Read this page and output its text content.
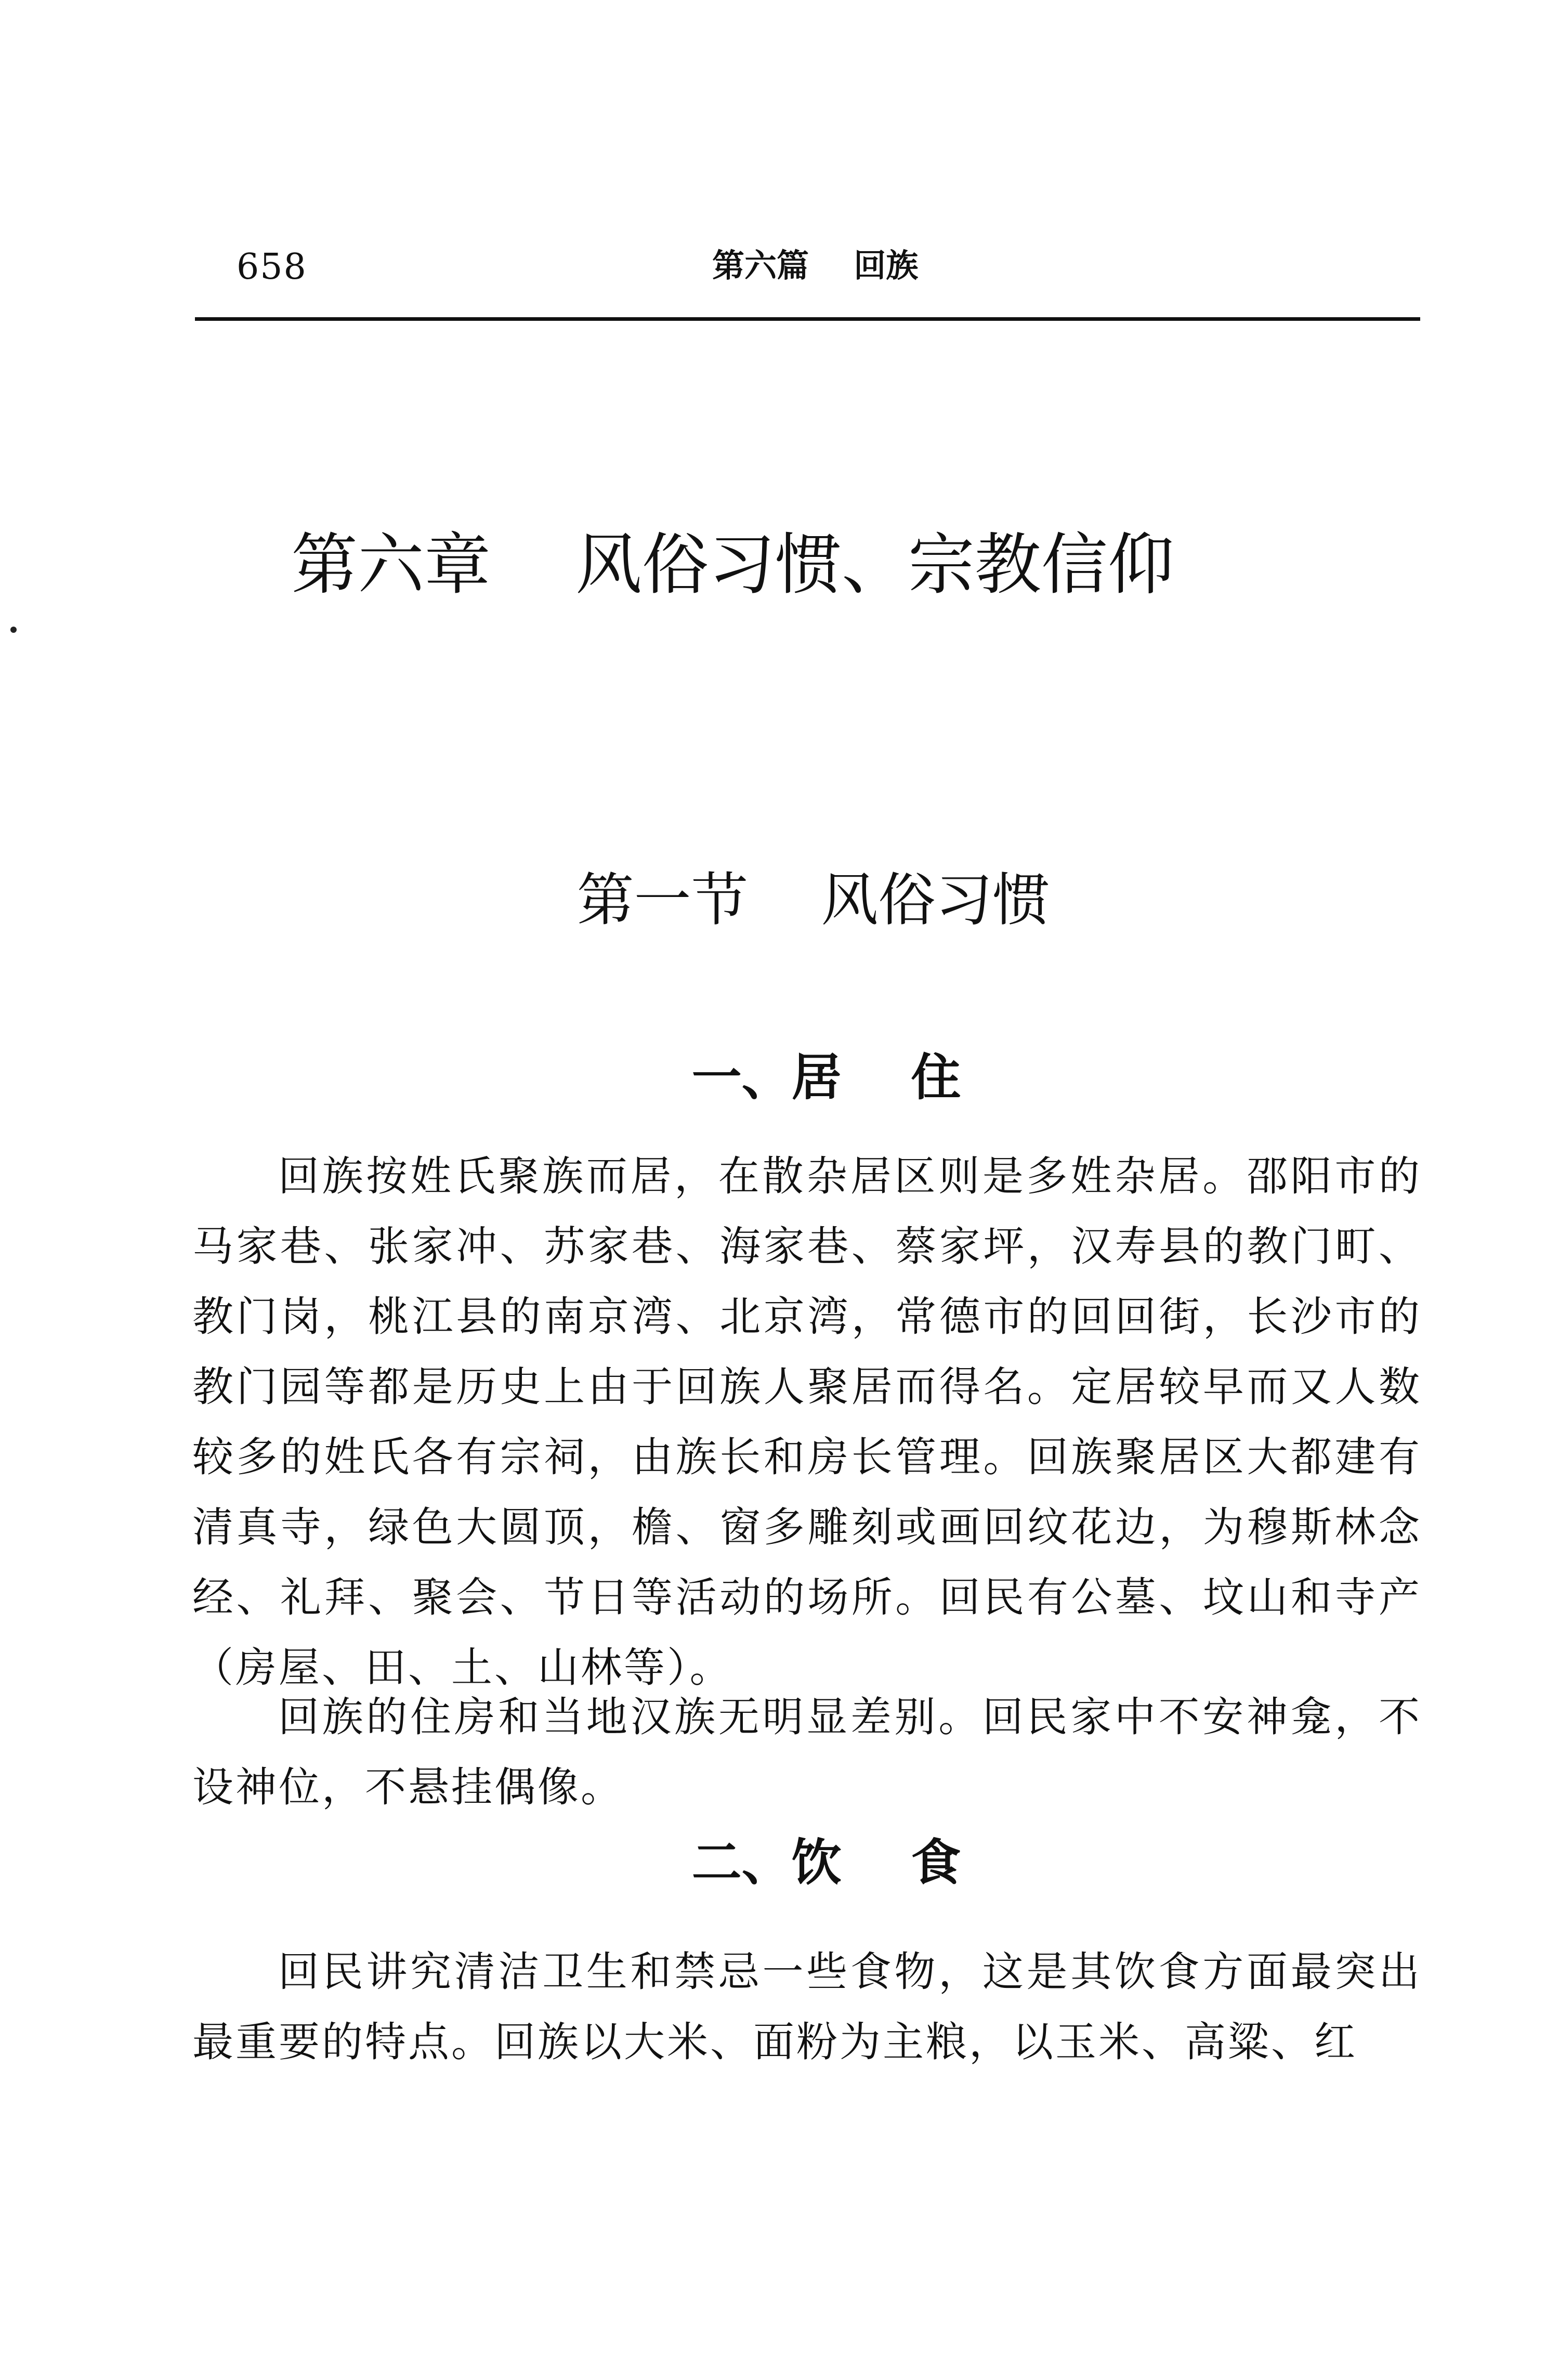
658	第六篇    回族
第六章    风俗习惯、宗教信仰
第一节    风俗习惯
一、居    住

回族按姓氏聚族而居，在散杂居区则是多姓杂居。邵阳市的马家巷、张家冲、苏家巷、海家巷、蔡家坪，汉寿县的教门町、教门岗，桃江县的南京湾、北京湾，常德市的回回街，长沙市的教门园等都是历史上由于回族人聚居而得名。定居较早而又人数较多的姓氏各有宗祠，由族长和房长管理。回族聚居区大都建有清真寺，绿色大圆顶，檐、窗多雕刻或画回纹花边，为穆斯林念经、礼拜、聚会、节日等活动的场所。回民有公墓、坟山和寺产（房屋、田、土、山林等）。

回族的住房和当地汉族无明显差别。回民家中不安神龛，不设神位，不悬挂偶像。

二、饮    食

回民讲究清洁卫生和禁忌一些食物，这是其饮食方面最突出最重要的特点。回族以大米、面粉为主粮，以玉米、高粱、红
